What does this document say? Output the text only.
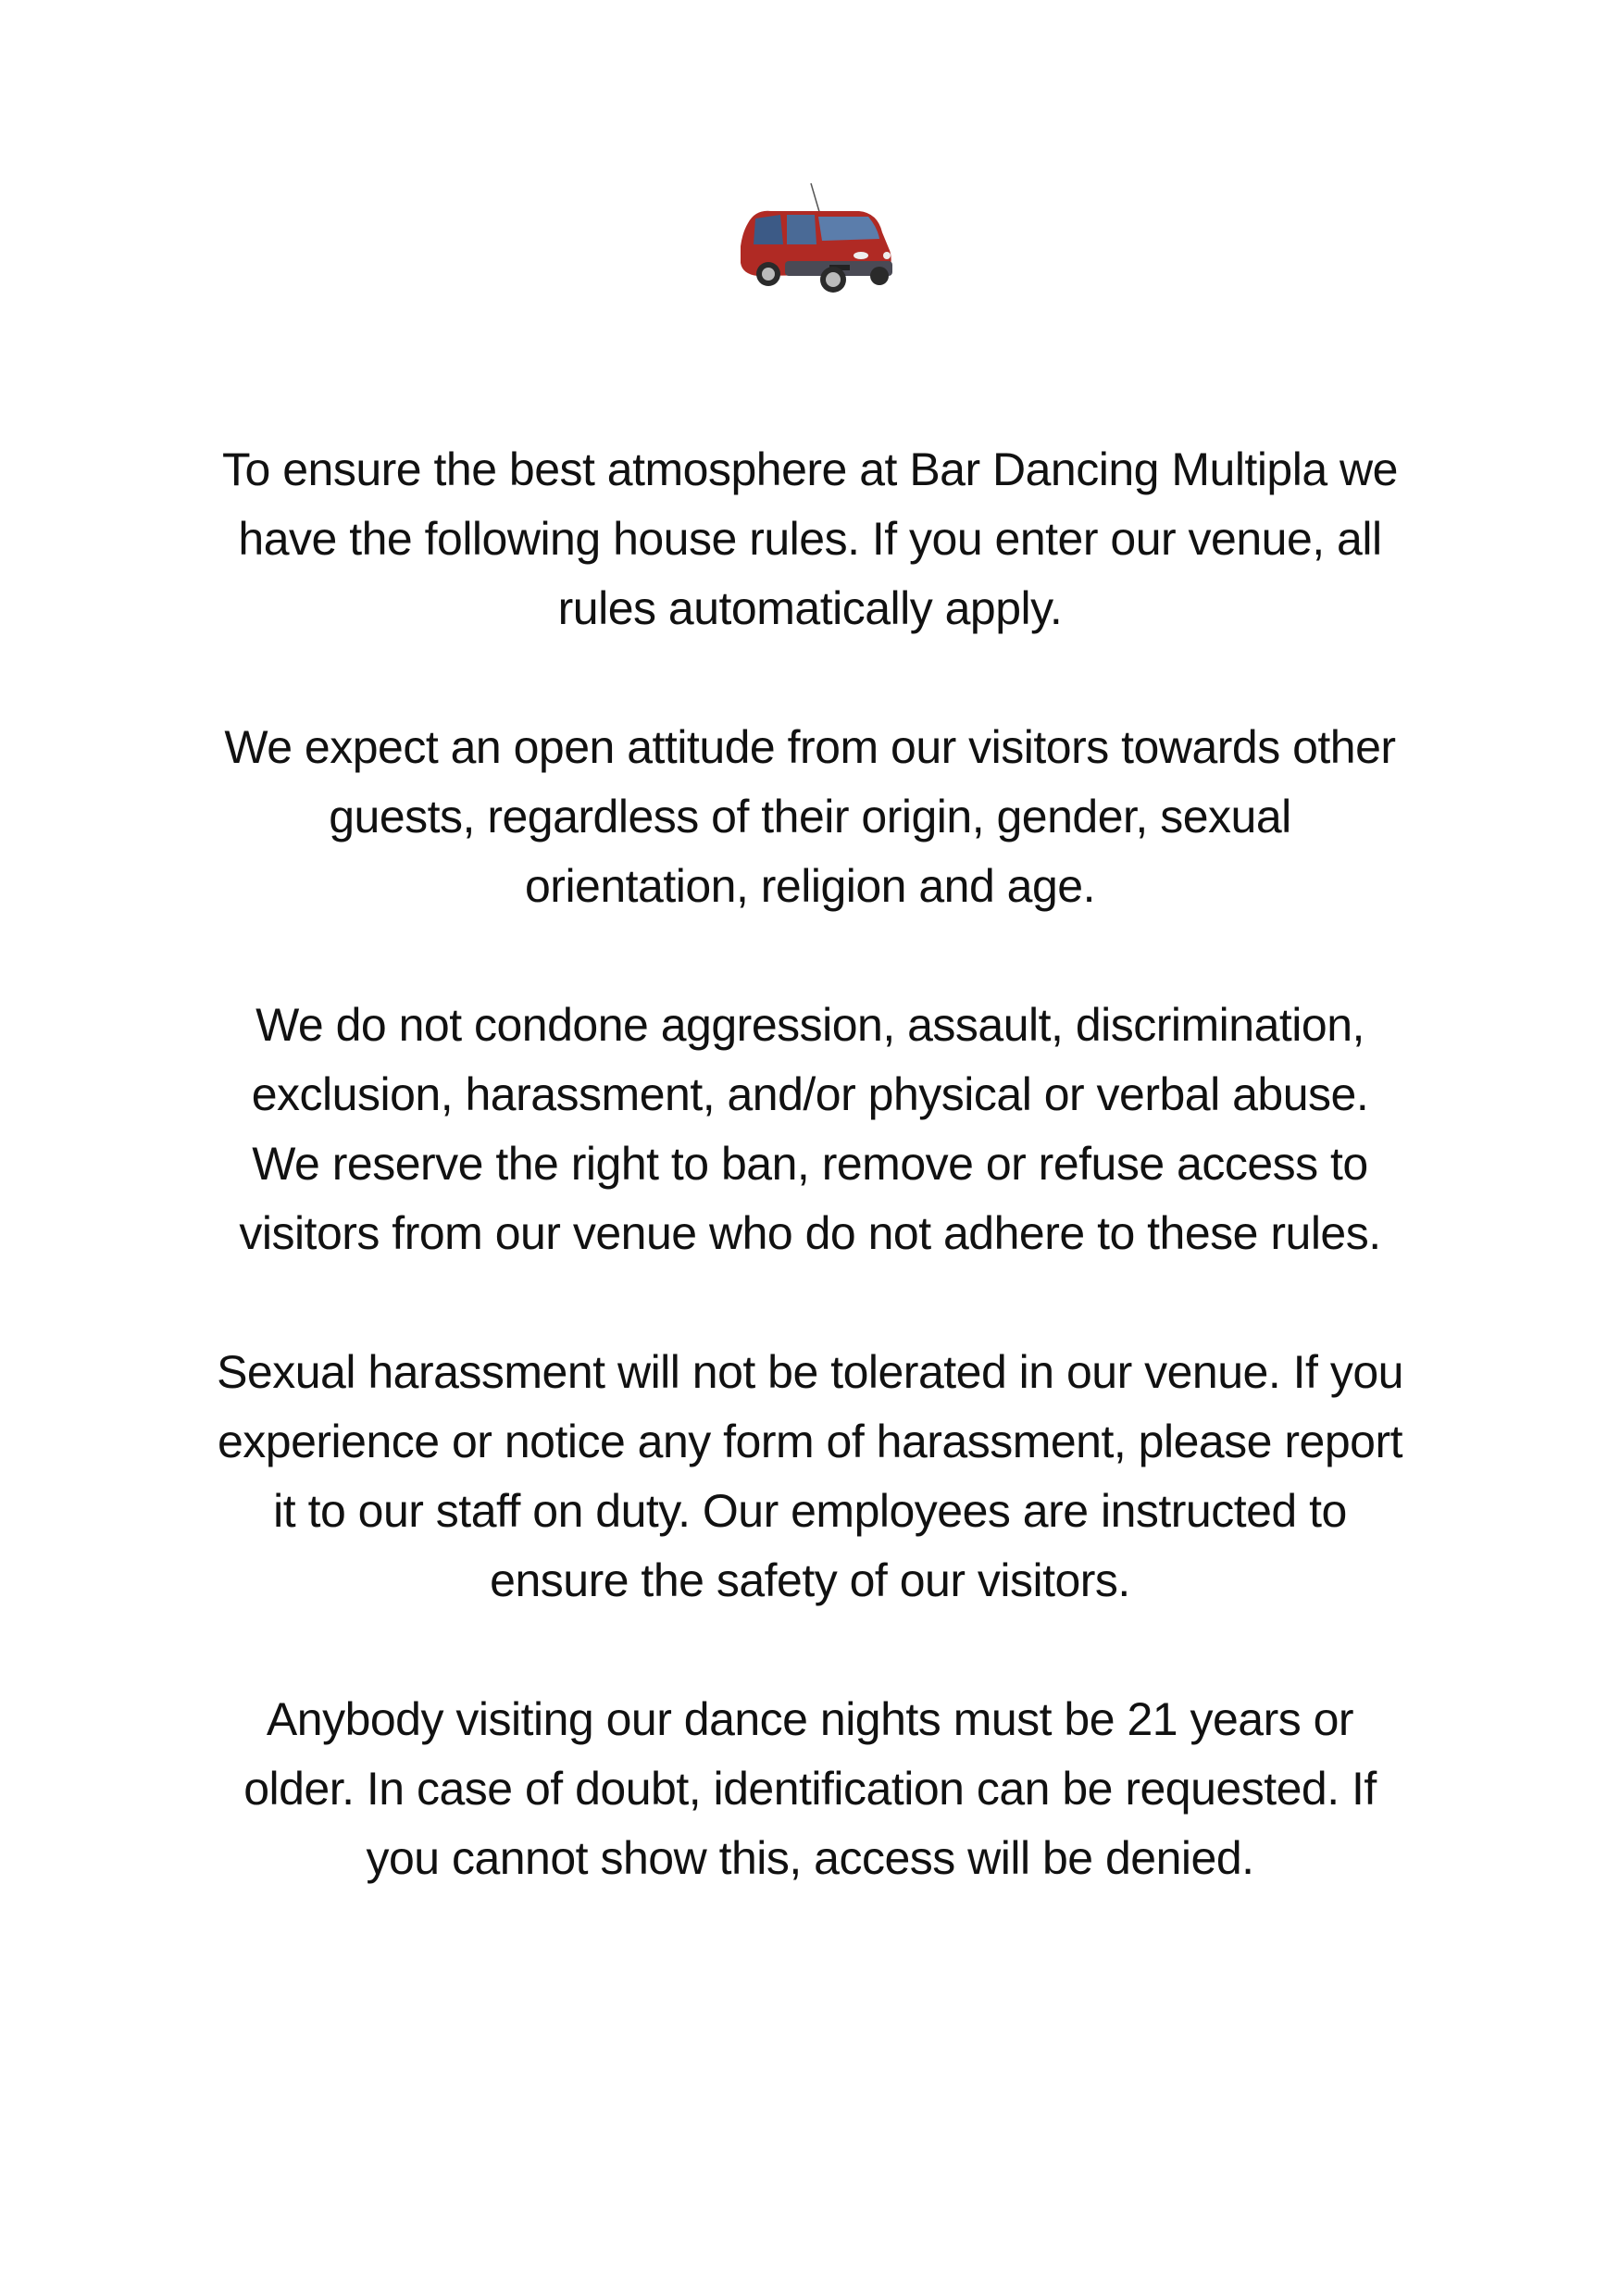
To ensure the best atmosphere at Bar Dancing Multipla we have the following house rules. If you enter our venue, all rules automatically apply.

We expect an open attitude from our visitors towards other guests, regardless of their origin, gender, sexual orientation, religion and age.

We do not condone aggression, assault, discrimination, exclusion, harassment, and/or physical or verbal abuse. We reserve the right to ban, remove or refuse access to visitors from our venue who do not adhere to these rules.

Sexual harassment will not be tolerated in our venue. If you experience or notice any form of harassment, please report it to our staff on duty. Our employees are instructed to ensure the safety of our visitors.

Anybody visiting our dance nights must be 21 years or older. In case of doubt, identification can be requested. If you cannot show this, access will be denied.
